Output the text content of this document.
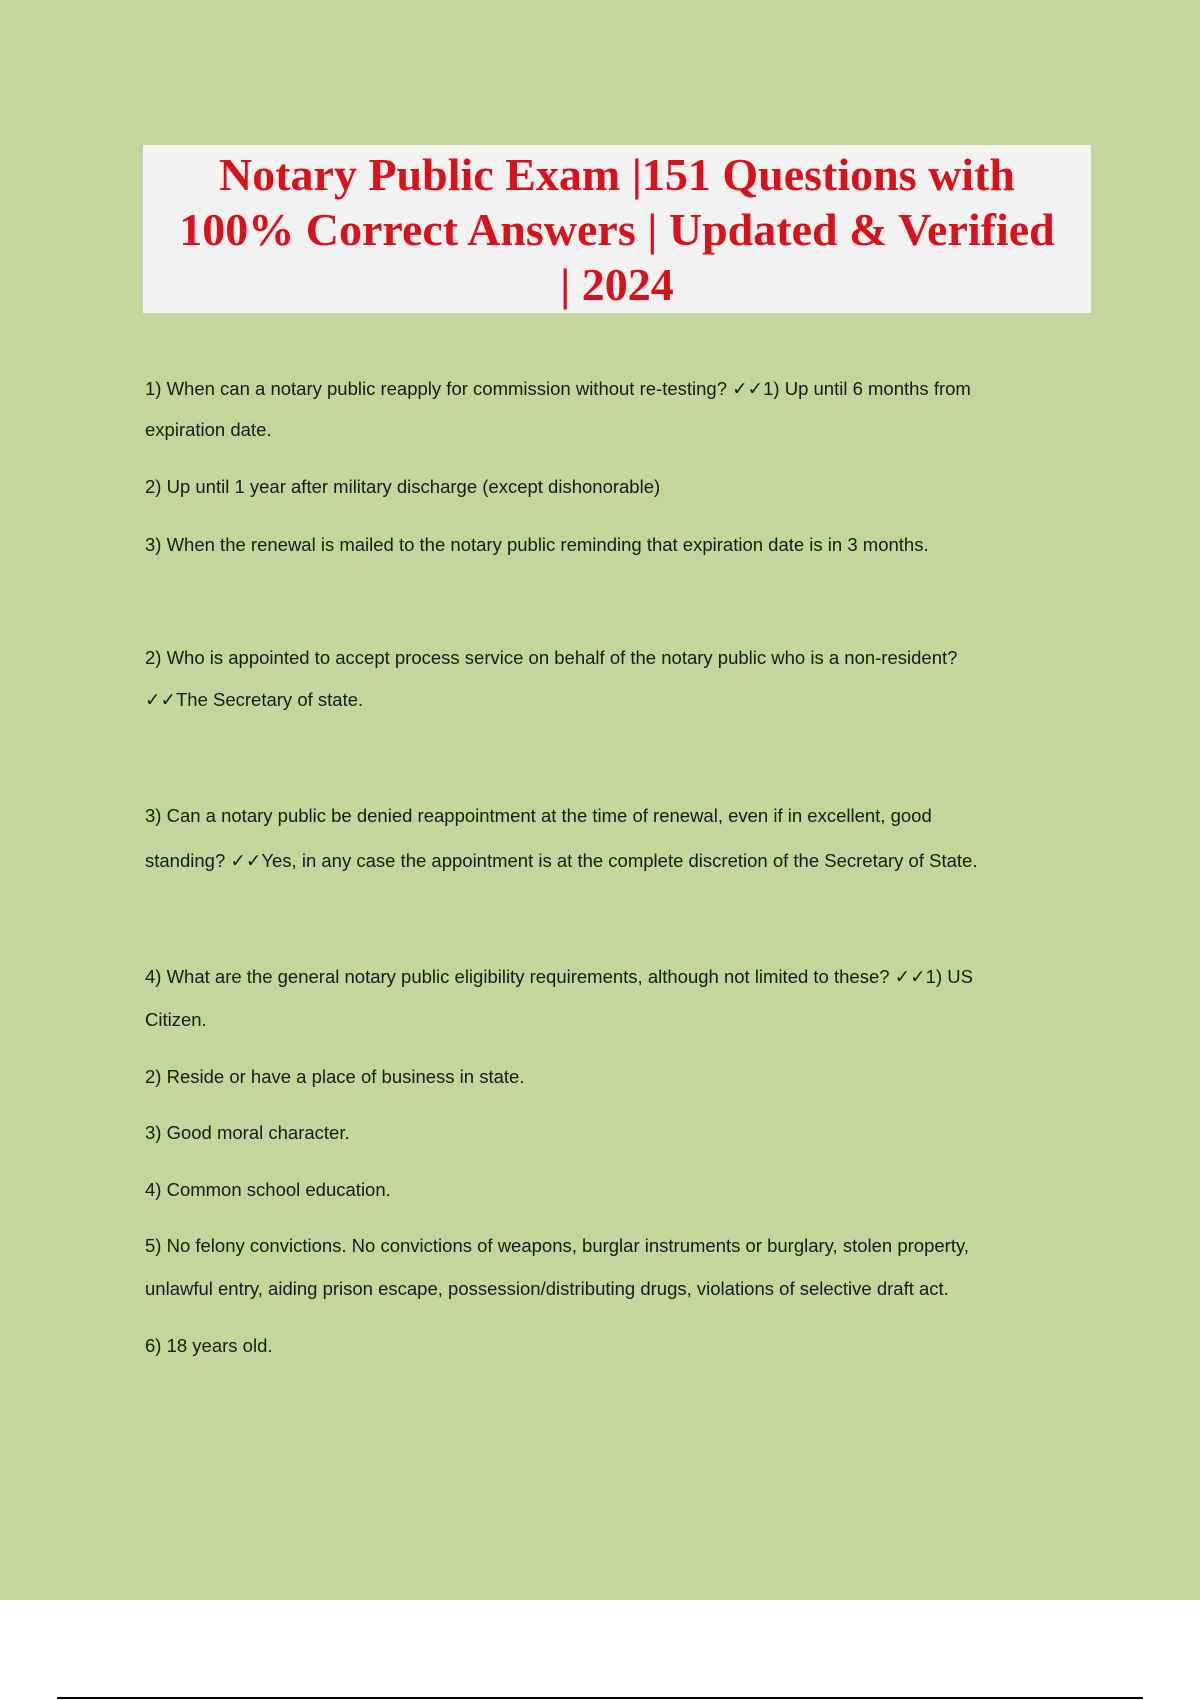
Notary Public Exam |151 Questions with
100% Correct Answers | Updated & Verified
| 2024
1) When can a notary public reapply for commission without re-testing? ✓✓1) Up until 6 months from
expiration date.
2) Up until 1 year after military discharge (except dishonorable)
3) When the renewal is mailed to the notary public reminding that expiration date is in 3 months.
2) Who is appointed to accept process service on behalf of the notary public who is a non-resident?
✓✓The Secretary of state.
3) Can a notary public be denied reappointment at the time of renewal, even if in excellent, good
standing? ✓✓Yes, in any case the appointment is at the complete discretion of the Secretary of State.
4) What are the general notary public eligibility requirements, although not limited to these? ✓✓1) US
Citizen.
2) Reside or have a place of business in state.
3) Good moral character.
4) Common school education.
5) No felony convictions. No convictions of weapons, burglar instruments or burglary, stolen property,
unlawful entry, aiding prison escape, possession/distributing drugs, violations of selective draft act.
6) 18 years old.
